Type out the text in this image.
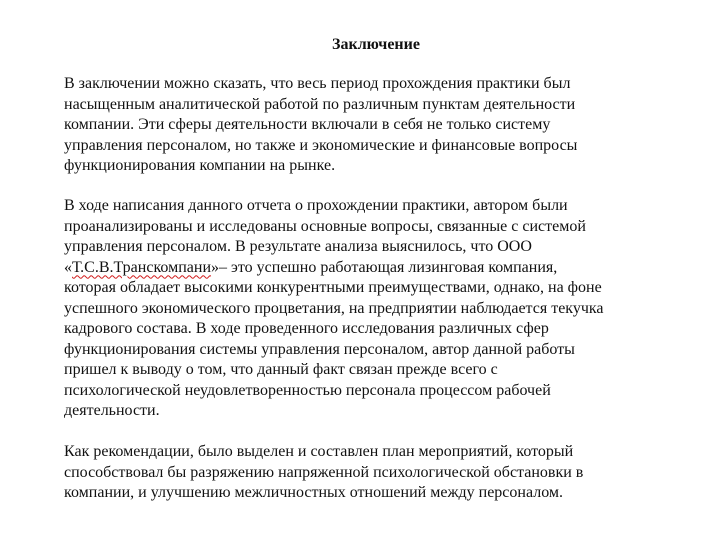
Заключение

В заключении можно сказать, что весь период прохождения практики был
насыщенным аналитической работой по различным пунктам деятельности
компании. Эти сферы деятельности включали в себя не только систему
управления персоналом, но также и экономические и финансовые вопросы
функционирования компании на рынке.

В ходе написания данного отчета о прохождении практики, автором были
проанализированы и исследованы основные вопросы, связанные с системой
управления персоналом. В результате анализа выяснилось, что ООО
«Т.С.В.Транскомпани»– это успешно работающая лизинговая компания,
которая обладает высокими конкурентными преимуществами, однако, на фоне
успешного экономического процветания, на предприятии наблюдается текучка
кадрового состава. В ходе проведенного исследования различных сфер
функционирования системы управления персоналом, автор данной работы
пришел к выводу о том, что данный факт связан прежде всего с
психологической неудовлетворенностью персонала процессом рабочей
деятельности.

Как рекомендации, было выделен и составлен план мероприятий, который
способствовал бы разряжению напряженной психологической обстановки в
компании, и улучшению межличностных отношений между персоналом.
